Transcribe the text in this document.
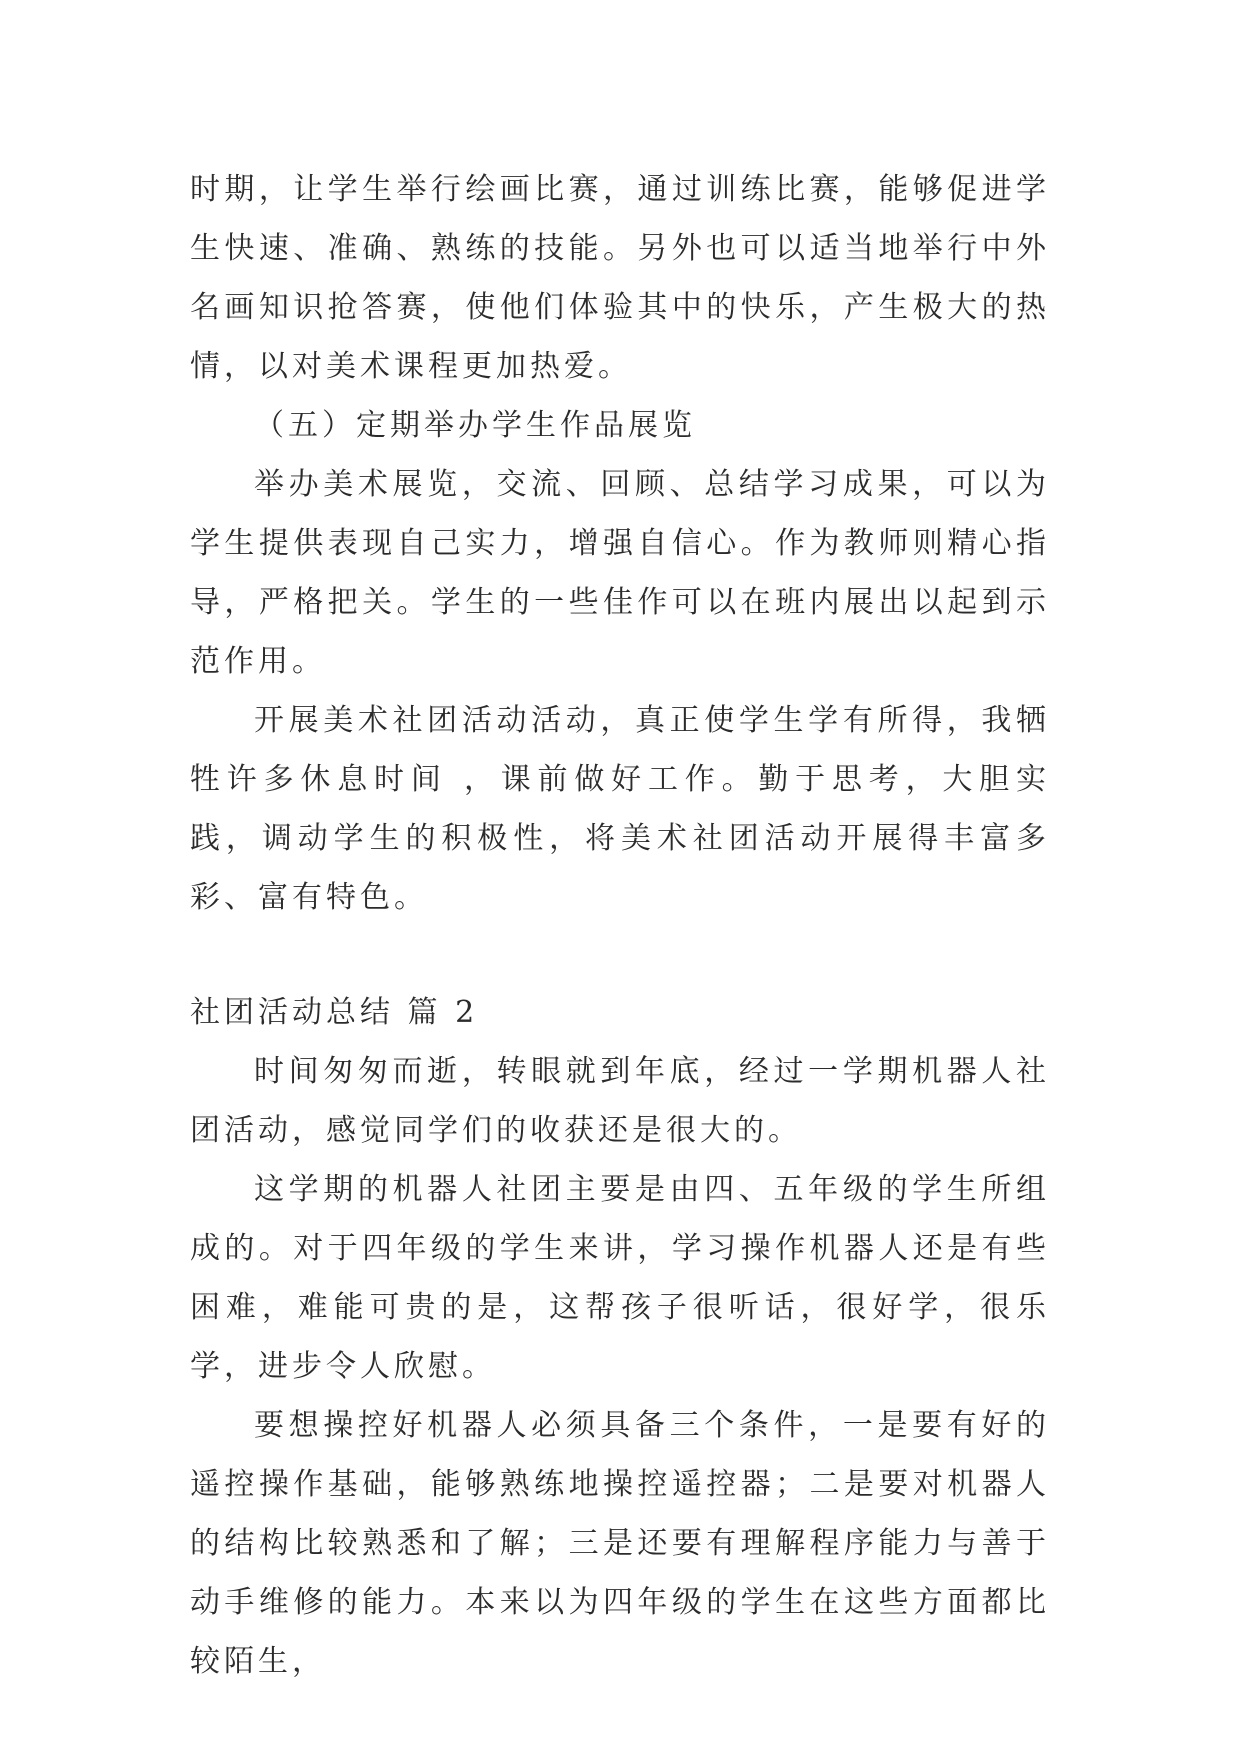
时期，让学生举行绘画比赛，通过训练比赛，能够促进学生快速、准确、熟练的技能。另外也可以适当地举行中外名画知识抢答赛，使他们体验其中的快乐，产生极大的热情，以对美术课程更加热爱。

（五）定期举办学生作品展览

举办美术展览，交流、回顾、总结学习成果，可以为学生提供表现自己实力，增强自信心。作为教师则精心指导，严格把关。学生的一些佳作可以在班内展出以起到示范作用。

开展美术社团活动活动，真正使学生学有所得，我牺牲许多休息时间 ，课前做好工作。勤于思考，大胆实践，调动学生的积极性，将美术社团活动开展得丰富多彩、富有特色。

社团活动总结 篇 2

时间匆匆而逝，转眼就到年底，经过一学期机器人社团活动，感觉同学们的收获还是很大的。

这学期的机器人社团主要是由四、五年级的学生所组成的。对于四年级的学生来讲，学习操作机器人还是有些困难，难能可贵的是，这帮孩子很听话，很好学，很乐学，进步令人欣慰。

要想操控好机器人必须具备三个条件，一是要有好的遥控操作基础，能够熟练地操控遥控器；二是要对机器人的结构比较熟悉和了解；三是还要有理解程序能力与善于动手维修的能力。本来以为四年级的学生在这些方面都比较陌生，
